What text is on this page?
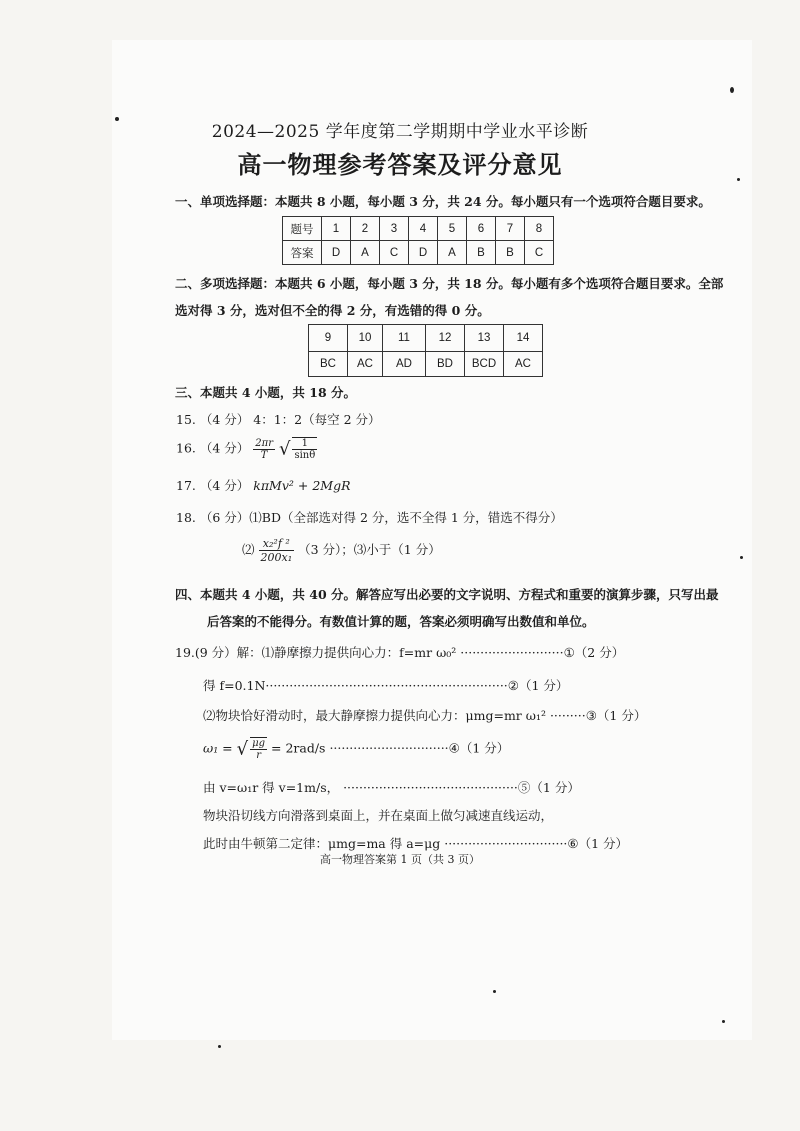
2024—2025 学年度第二学期期中学业水平诊断
高一物理参考答案及评分意见
一、单项选择题：本题共 8 小题，每小题 3 分，共 24 分。每小题只有一个选项符合题目要求。
题号	1	2	3	4	5	6	7	8
答案	D	A	C	D	A	B	B	C
二、多项选择题：本题共 6 小题，每小题 3 分，共 18 分。每小题有多个选项符合题目要求。全部
选对得 3 分，选对但不全的得 2 分，有选错的得 0 分。
9	10	11	12	13	14
BC	AC	AD	BD	BCD	AC
三、本题共 4 小题，共 18 分。
15. （4 分） 4：1：2（每空 2 分）
16. （4 分） $\frac{2\pi r}{T}$ √ $\frac{1}{\sin\theta}$
17. （4 分） kπMv² + 2MgR
18. （6 分）⑴BD（全部选对得 2 分，选不全得 1 分，错选不得分）
⑵ $\frac{\text{x₂²f ²}}{\text{200x₁}} (3$ 分）；⑶小于（1 分）
四、本题共 4 小题，共 40 分。解答应写出必要的文字说明、方程式和重要的演算步骤，只写出最
后答案的不能得分。有数值计算的题，答案必须明确写出数值和单位。
19.(9 分）解：⑴静摩擦力提供向心力：f=mr ω₀² ··························①（2 分）
得 f=0.1N·····························································②（1 分）
⑵物块恰好滑动时，最大静摩擦力提供向心力：μmg=mr ω₁² ·········③（1 分）
ω₁ = √ $\frac{\mu g}{r} = 2rad/s$ ······························④（1 分）
由 v=ω₁r 得 v=1m/s， ············································⑤（1 分）
物块沿切线方向滑落到桌面上，并在桌面上做匀减速直线运动，
此时由牛顿第二定律：μmg=ma 得 a=μg ·······························⑥（1 分）
高一物理答案第 1 页（共 3 页）
